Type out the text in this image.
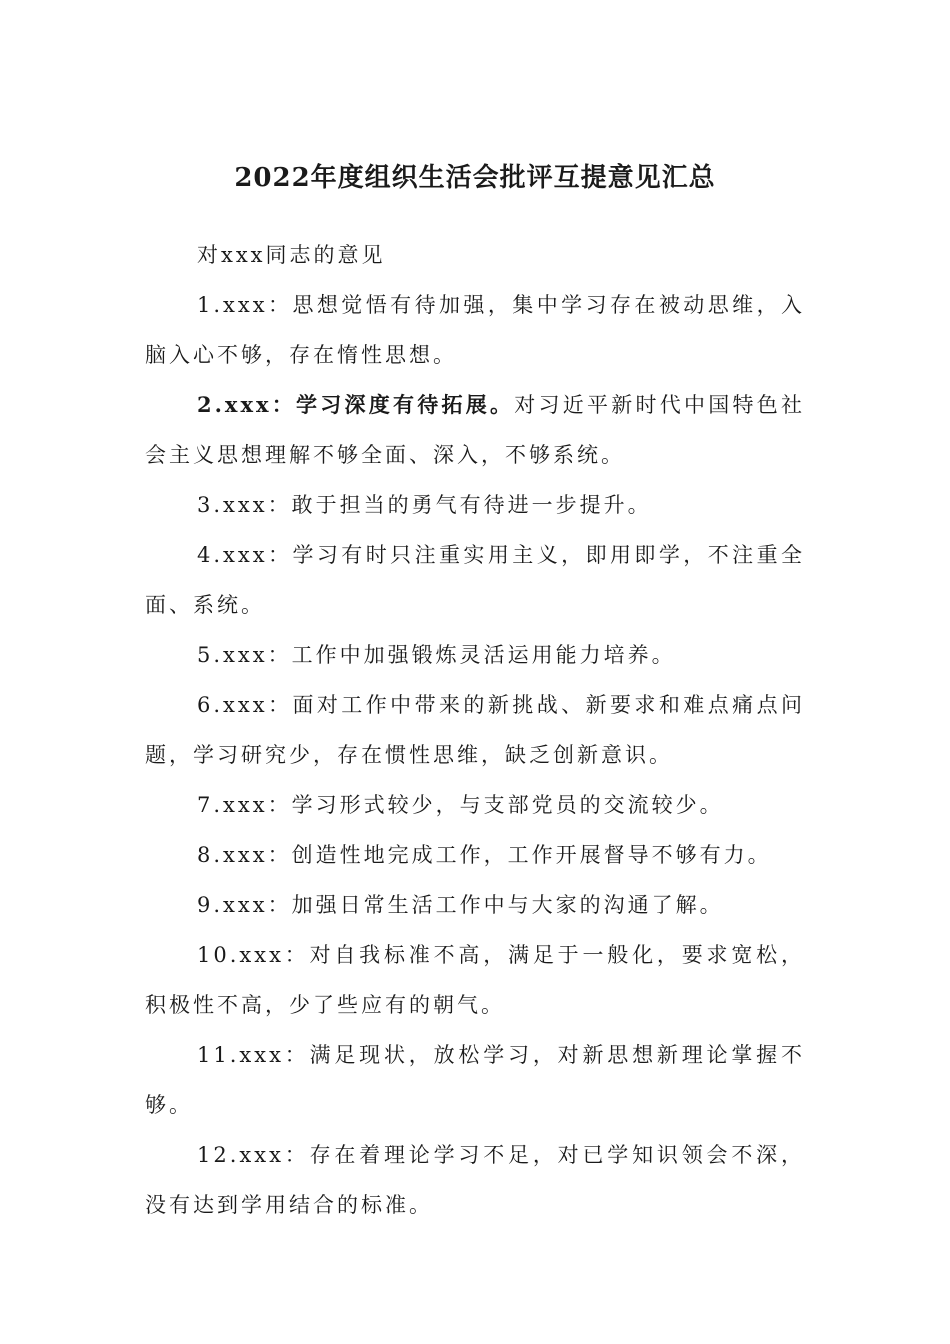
2022年度组织生活会批评互提意见汇总

对xxx同志的意见

1.xxx：思想觉悟有待加强，集中学习存在被动思维，入脑入心不够，存在惰性思想。

2.xxx：学习深度有待拓展。对习近平新时代中国特色社会主义思想理解不够全面、深入，不够系统。

3.xxx：敢于担当的勇气有待进一步提升。

4.xxx：学习有时只注重实用主义，即用即学，不注重全面、系统。

5.xxx：工作中加强锻炼灵活运用能力培养。

6.xxx：面对工作中带来的新挑战、新要求和难点痛点问题，学习研究少，存在惯性思维，缺乏创新意识。

7.xxx：学习形式较少，与支部党员的交流较少。

8.xxx：创造性地完成工作，工作开展督导不够有力。

9.xxx：加强日常生活工作中与大家的沟通了解。

10.xxx：对自我标准不高，满足于一般化，要求宽松，积极性不高，少了些应有的朝气。

11.xxx：满足现状，放松学习，对新思想新理论掌握不够。

12.xxx：存在着理论学习不足，对已学知识领会不深，没有达到学用结合的标准。
